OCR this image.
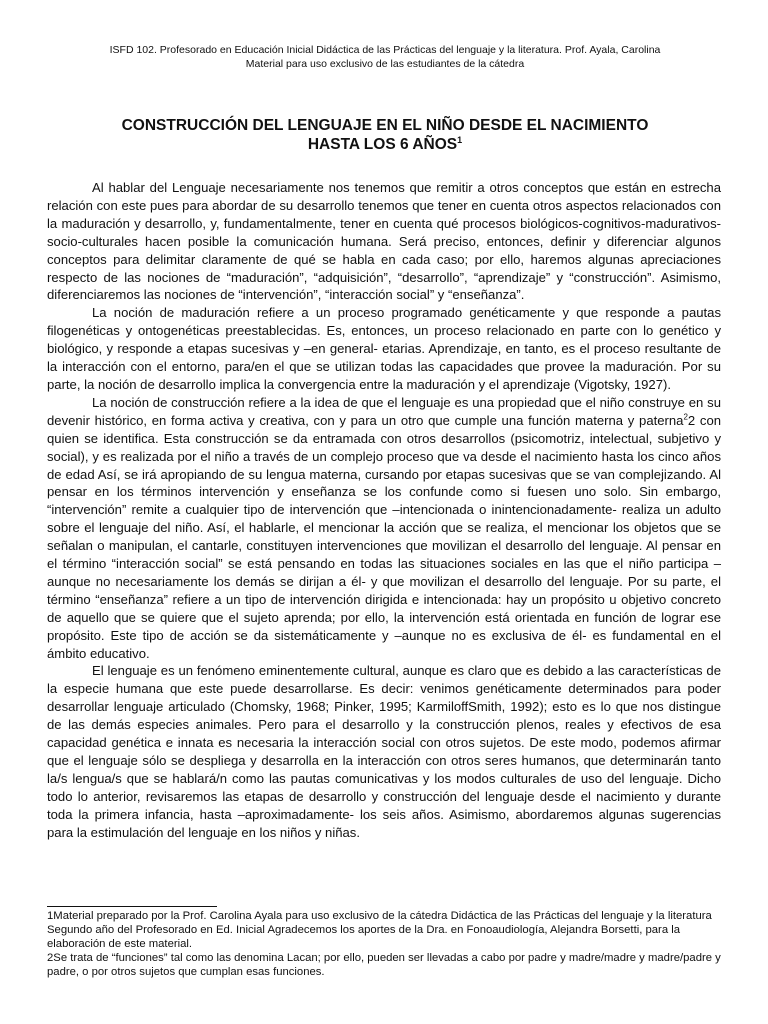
ISFD 102. Profesorado en Educación Inicial Didáctica de las Prácticas del lenguaje y la literatura. Prof. Ayala, Carolina
Material para uso exclusivo de las estudiantes de la cátedra
CONSTRUCCIÓN DEL LENGUAJE EN EL NIÑO DESDE EL NACIMIENTO
HASTA LOS 6 AÑOS$^1$

Al hablar del Lenguaje necesariamente nos tenemos que remitir a otros conceptos que están en estrecha relación con este pues para abordar de su desarrollo tenemos que tener en cuenta otros aspectos relacionados con la maduración y desarrollo, y, fundamentalmente, tener en cuenta qué procesos biológicos-cognitivos-madurativos-socio-culturales hacen posible la comunicación humana. Será preciso, entonces, definir y diferenciar algunos conceptos para delimitar claramente de qué se habla en cada caso; por ello, haremos algunas apreciaciones respecto de las nociones de “maduración”, “adquisición”, “desarrollo”, “aprendizaje” y “construcción”. Asimismo, diferenciaremos las nociones de “intervención”, “interacción social” y “enseñanza”.

La noción de maduración refiere a un proceso programado genéticamente y que responde a pautas filogenéticas y ontogenéticas preestablecidas. Es, entonces, un proceso relacionado en parte con lo genético y biológico, y responde a etapas sucesivas y –en general- etarias. Aprendizaje, en tanto, es el proceso resultante de la interacción con el entorno, para/en el que se utilizan todas las capacidades que provee la maduración. Por su parte, la noción de desarrollo implica la convergencia entre la maduración y el aprendizaje (Vigotsky, 1927).

La noción de construcción refiere a la idea de que el lenguaje es una propiedad que el niño construye en su devenir histórico, en forma activa y creativa, con y para un otro que cumple una función materna y paterna$^2$2 con quien se identifica. Esta construcción se da entramada con otros desarrollos (psicomotriz, intelectual, subjetivo y social), y es realizada por el niño a través de un complejo proceso que va desde el nacimiento hasta los cinco años de edad Así, se irá apropiando de su lengua materna, cursando por etapas sucesivas que se van complejizando. Al pensar en los términos intervención y enseñanza se los confunde como si fuesen uno solo. Sin embargo, “intervención” remite a cualquier tipo de intervención que –intencionada o inintencionadamente- realiza un adulto sobre el lenguaje del niño. Así, el hablarle, el mencionar la acción que se realiza, el mencionar los objetos que se señalan o manipulan, el cantarle, constituyen intervenciones que movilizan el desarrollo del lenguaje. Al pensar en el término “interacción social” se está pensando en todas las situaciones sociales en las que el niño participa –aunque no necesariamente los demás se dirijan a él- y que movilizan el desarrollo del lenguaje. Por su parte, el término “enseñanza” refiere a un tipo de intervención dirigida e intencionada: hay un propósito u objetivo concreto de aquello que se quiere que el sujeto aprenda; por ello, la intervención está orientada en función de lograr ese propósito. Este tipo de acción se da sistemáticamente y –aunque no es exclusiva de él- es fundamental en el ámbito educativo.

El lenguaje es un fenómeno eminentemente cultural, aunque es claro que es debido a las características de la especie humana que este puede desarrollarse. Es decir: venimos genéticamente determinados para poder desarrollar lenguaje articulado (Chomsky, 1968; Pinker, 1995; KarmiloffSmith, 1992); esto es lo que nos distingue de las demás especies animales. Pero para el desarrollo y la construcción plenos, reales y efectivos de esa capacidad genética e innata es necesaria la interacción social con otros sujetos. De este modo, podemos afirmar que el lenguaje sólo se despliega y desarrolla en la interacción con otros seres humanos, que determinarán tanto la/s lengua/s que se hablará/n como las pautas comunicativas y los modos culturales de uso del lenguaje. Dicho todo lo anterior, revisaremos las etapas de desarrollo y construcción del lenguaje desde el nacimiento y durante toda la primera infancia, hasta –aproximadamente- los seis años. Asimismo, abordaremos algunas sugerencias para la estimulación del lenguaje en los niños y niñas.

1Material preparado por la Prof. Carolina Ayala para uso exclusivo de la cátedra Didáctica de las Prácticas del lenguaje y la literatura Segundo año del Profesorado en Ed. Inicial Agradecemos los aportes de la Dra. en Fonoaudiología, Alejandra Borsetti, para la elaboración de este material.

2Se trata de “funciones” tal como las denomina Lacan; por ello, pueden ser llevadas a cabo por padre y madre/madre y madre/padre y padre, o por otros sujetos que cumplan esas funciones.
